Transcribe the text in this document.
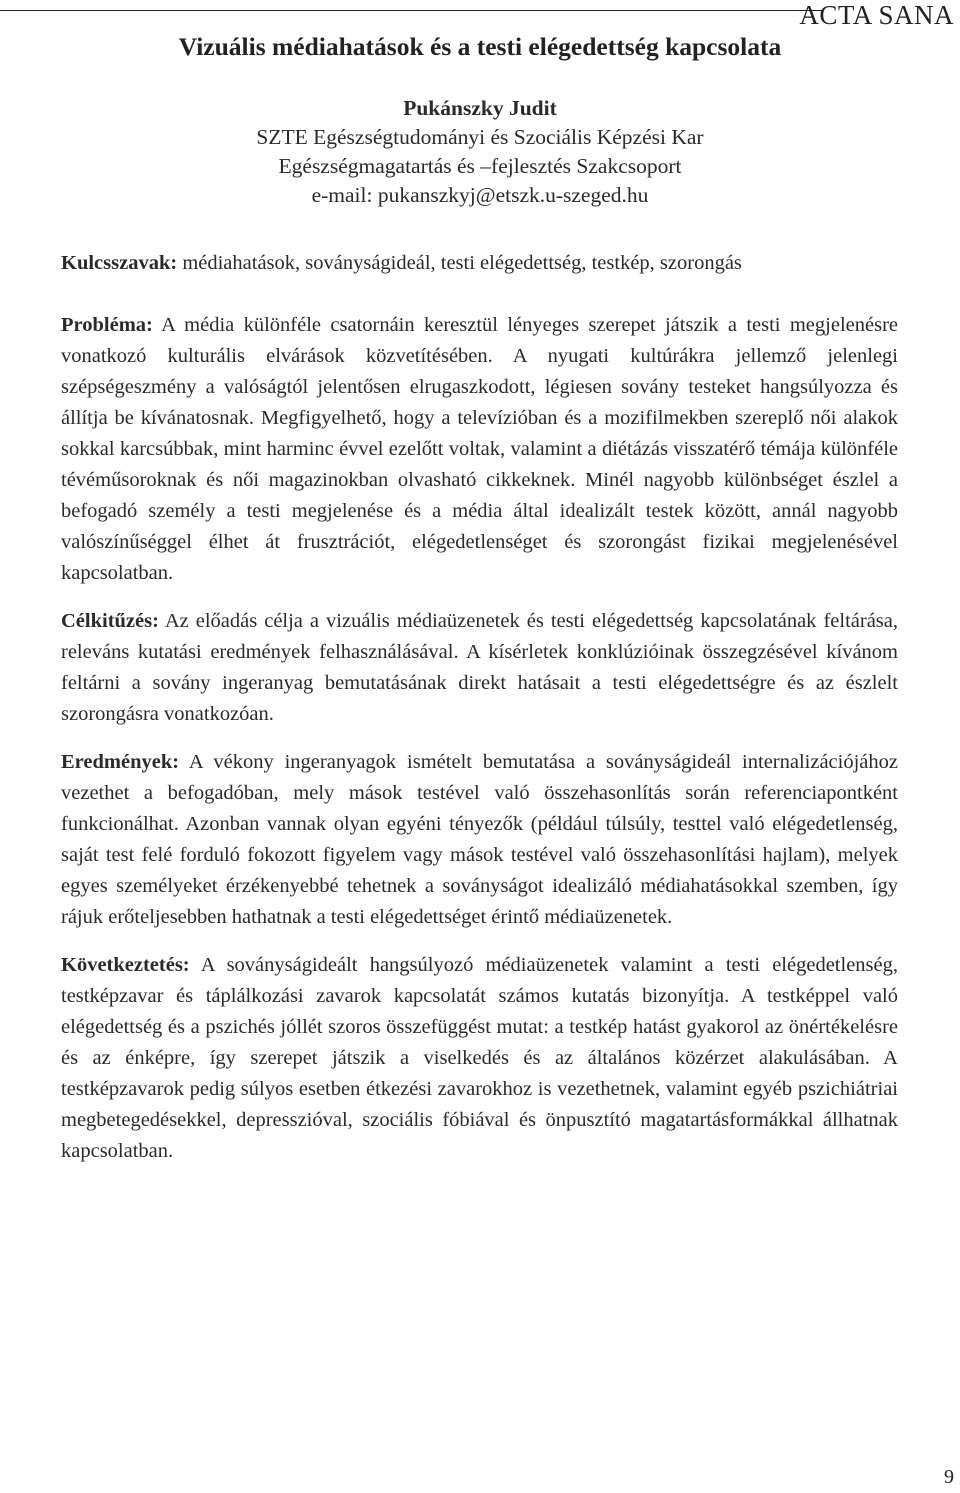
ACTA SANA
Vizuális médiahatások és a testi elégedettség kapcsolata
Pukánszky Judit
SZTE Egészségtudományi és Szociális Képzési Kar
Egészségmagatartás és –fejlesztés Szakcsoport
e-mail: pukanszkyj@etszk.u-szeged.hu

Kulcsszavak: médiahatások, soványságideál, testi elégedettség, testkép, szorongás

Probléma: A média különféle csatornáin keresztül lényeges szerepet játszik a testi megjelenésre vonatkozó kulturális elvárások közvetítésében. A nyugati kultúrákra jellemző jelenlegi szépségeszmény a valóságtól jelentősen elrugaszkodott, légiesen sovány testeket hangsúlyozza és állítja be kívánatosnak. Megfigyelhető, hogy a televízióban és a mozifilmekben szereplő női alakok sokkal karcsúbbak, mint harminc évvel ezelőtt voltak, valamint a diétázás visszatérő témája különféle tévéműsoroknak és női magazinokban olvasható cikkeknek. Minél nagyobb különbséget észlel a befogadó személy a testi megjelenése és a média által idealizált testek között, annál nagyobb valószínűséggel élhet át frusztrációt, elégedetlenséget és szorongást fizikai megjelenésével kapcsolatban.

Célkitűzés: Az előadás célja a vizuális médiaüzenetek és testi elégedettség kapcsolatának feltárása, releváns kutatási eredmények felhasználásával. A kísérletek konklúzióinak összegzésével kívánom feltárni a sovány ingeranyag bemutatásának direkt hatásait a testi elégedettségre és az észlelt szorongásra vonatkozóan.

Eredmények: A vékony ingeranyagok ismételt bemutatása a soványságideál internalizációjához vezethet a befogadóban, mely mások testével való összehasonlítás során referenciapontként funkcionálhat. Azonban vannak olyan egyéni tényezők (például túlsúly, testtel való elégedetlenség, saját test felé forduló fokozott figyelem vagy mások testével való összehasonlítási hajlam), melyek egyes személyeket érzékenyebbé tehetnek a soványságot idealizáló médiahatásokkal szemben, így rájuk erőteljesebben hathatnak a testi elégedettséget érintő médiaüzenetek.

Következtetés: A soványságideált hangsúlyozó médiaüzenetek valamint a testi elégedetlenség, testképzavar és táplálkozási zavarok kapcsolatát számos kutatás bizonyítja. A testképpel való elégedettség és a pszichés jóllét szoros összefüggést mutat: a testkép hatást gyakorol az önértékelésre és az énképre, így szerepet játszik a viselkedés és az általános közérzet alakulásában. A testképzavarok pedig súlyos esetben étkezési zavarokhoz is vezethetnek, valamint egyéb pszichiátriai megbetegedésekkel, depresszióval, szociális fóbiával és önpusztító magatartásformákkal állhatnak kapcsolatban.

9
